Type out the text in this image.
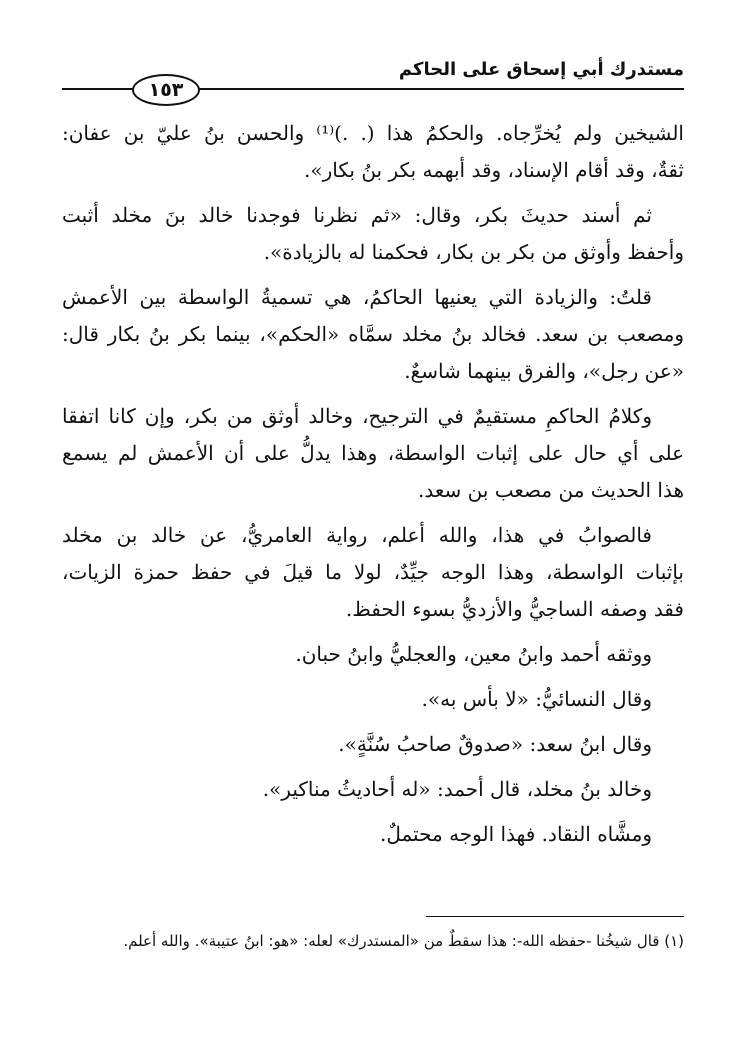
مستدرك أبي إسحاق على الحاكم
١٥٣
الشيخين ولم يُخرِّجاه. والحكمُ هذا (. .)⁽¹⁾ والحسن بنُ عليّ بن عفان:
ثقةٌ، وقد أقام الإسناد، وقد أبهمه بكر بنُ بكار».
ثم أسند حديثَ بكر، وقال: «ثم نظرنا فوجدنا خالد بنَ مخلد أثبت
وأحفظ وأوثق من بكر بن بكار، فحكمنا له بالزيادة».
قلتُ: والزيادة التي يعنيها الحاكمُ، هي تسميةُ الواسطة بين الأعمش
ومصعب بن سعد. فخالد بنُ مخلد سمَّاه «الحكم»، بينما بكر بنُ بكار قال:
«عن رجل»، والفرق بينهما شاسعٌ.
وكلامُ الحاكمِ مستقيمٌ في الترجيح، وخالد أوثق من بكر، وإن كانا اتفقا
على أي حال على إثبات الواسطة، وهذا يدلُّ على أن الأعمش لم يسمع
هذا الحديث من مصعب بن سعد.
فالصوابُ في هذا، والله أعلم، رواية العامريُّ، عن خالد بن مخلد
بإثبات الواسطة، وهذا الوجه جيِّدٌ، لولا ما قيلَ في حفظ حمزة الزيات،
فقد وصفه الساجيُّ والأزديُّ بسوء الحفظ.
ووثقه أحمد وابنُ معين، والعجليُّ وابنُ حبان.
وقال النسائيُّ: «لا بأس به».
وقال ابنُ سعد: «صدوقٌ صاحبُ سُنَّةٍ».
وخالد بنُ مخلد، قال أحمد: «له أحاديثُ مناكير».
ومشَّاه النقاد. فهذا الوجه محتملٌ.
(١) قال شيخُنا -حفظه الله-: هذا سقطٌ من «المستدرك» لعله: «هو: ابنُ عتيبة». والله أعلم.
